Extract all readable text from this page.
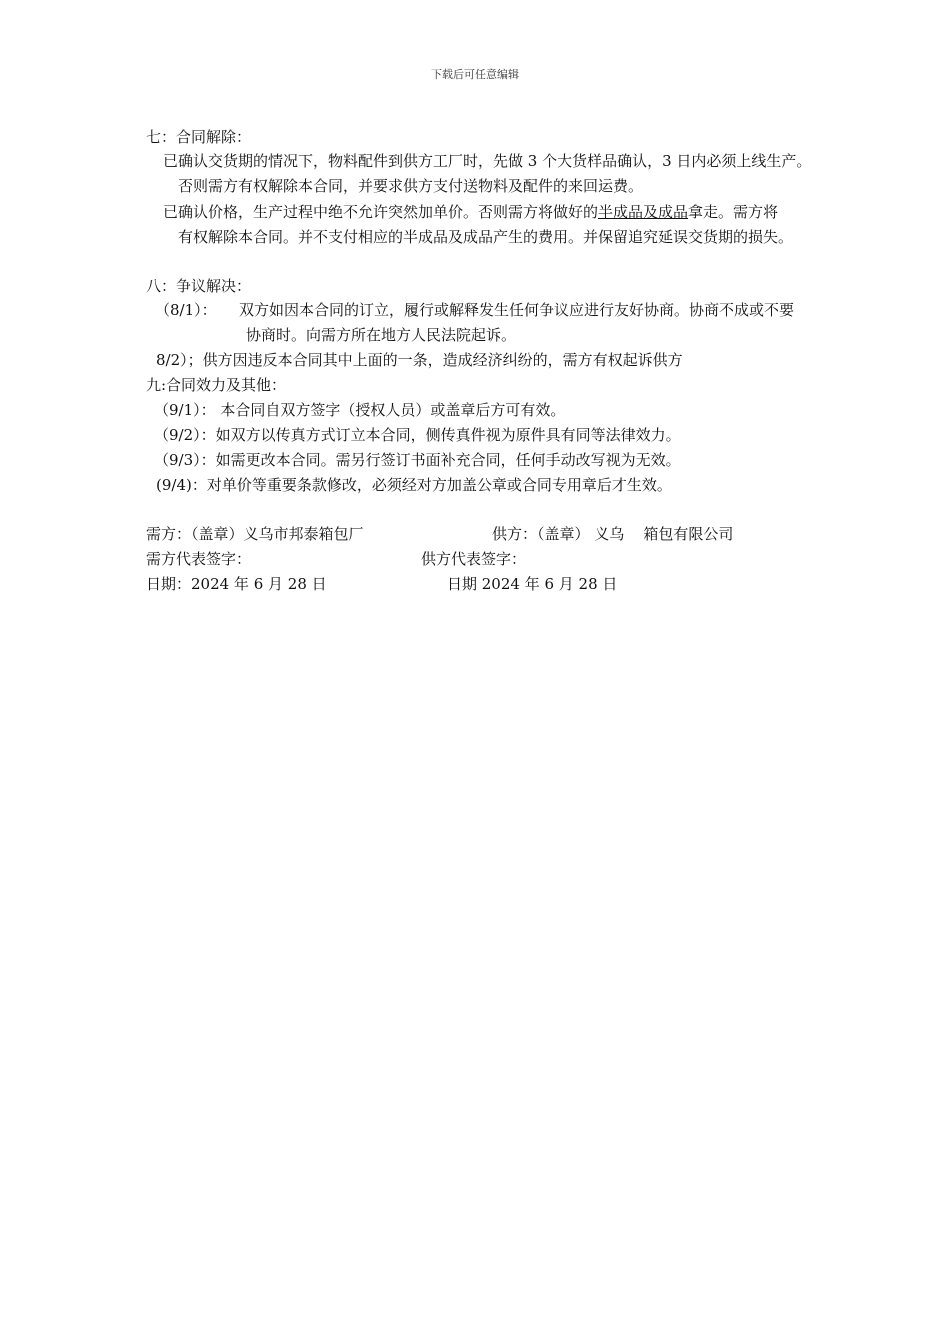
下载后可任意编辑
七：合同解除：
已确认交货期的情况下，物料配件到供方工厂时，先做 3 个大货样品确认，3 日内必须上线生产。
否则需方有权解除本合同，并要求供方支付送物料及配件的来回运费。
已确认价格，生产过程中绝不允许突然加单价。否则需方将做好的半成品及成品拿走。需方将
有权解除本合同。并不支付相应的半成品及成品产生的费用。并保留追究延误交货期的损失。
八：争议解决：
（8/1）： 双方如因本合同的订立，履行或解释发生任何争议应进行友好协商。协商不成或不要
协商时。向需方所在地方人民法院起诉。
8/2）；供方因违反本合同其中上面的一条，造成经济纠纷的，需方有权起诉供方
九:合同效力及其他：
（9/1）： 本合同自双方签字（授权人员）或盖章后方可有效。
（9/2）：如双方以传真方式订立本合同，侧传真件视为原件具有同等法律效力。
（9/3）：如需更改本合同。需另行签订书面补充合同，任何手动改写视为无效。
(9/4)：对单价等重要条款修改，必须经对方加盖公章或合同专用章后才生效。
需方：（盖章）义乌市邦泰箱包厂	供方：（盖章） 义乌    箱包有限公司
需方代表签字：	供方代表签字：
日期：2024 年 6 月 28 日	日期 2024 年 6 月 28 日
